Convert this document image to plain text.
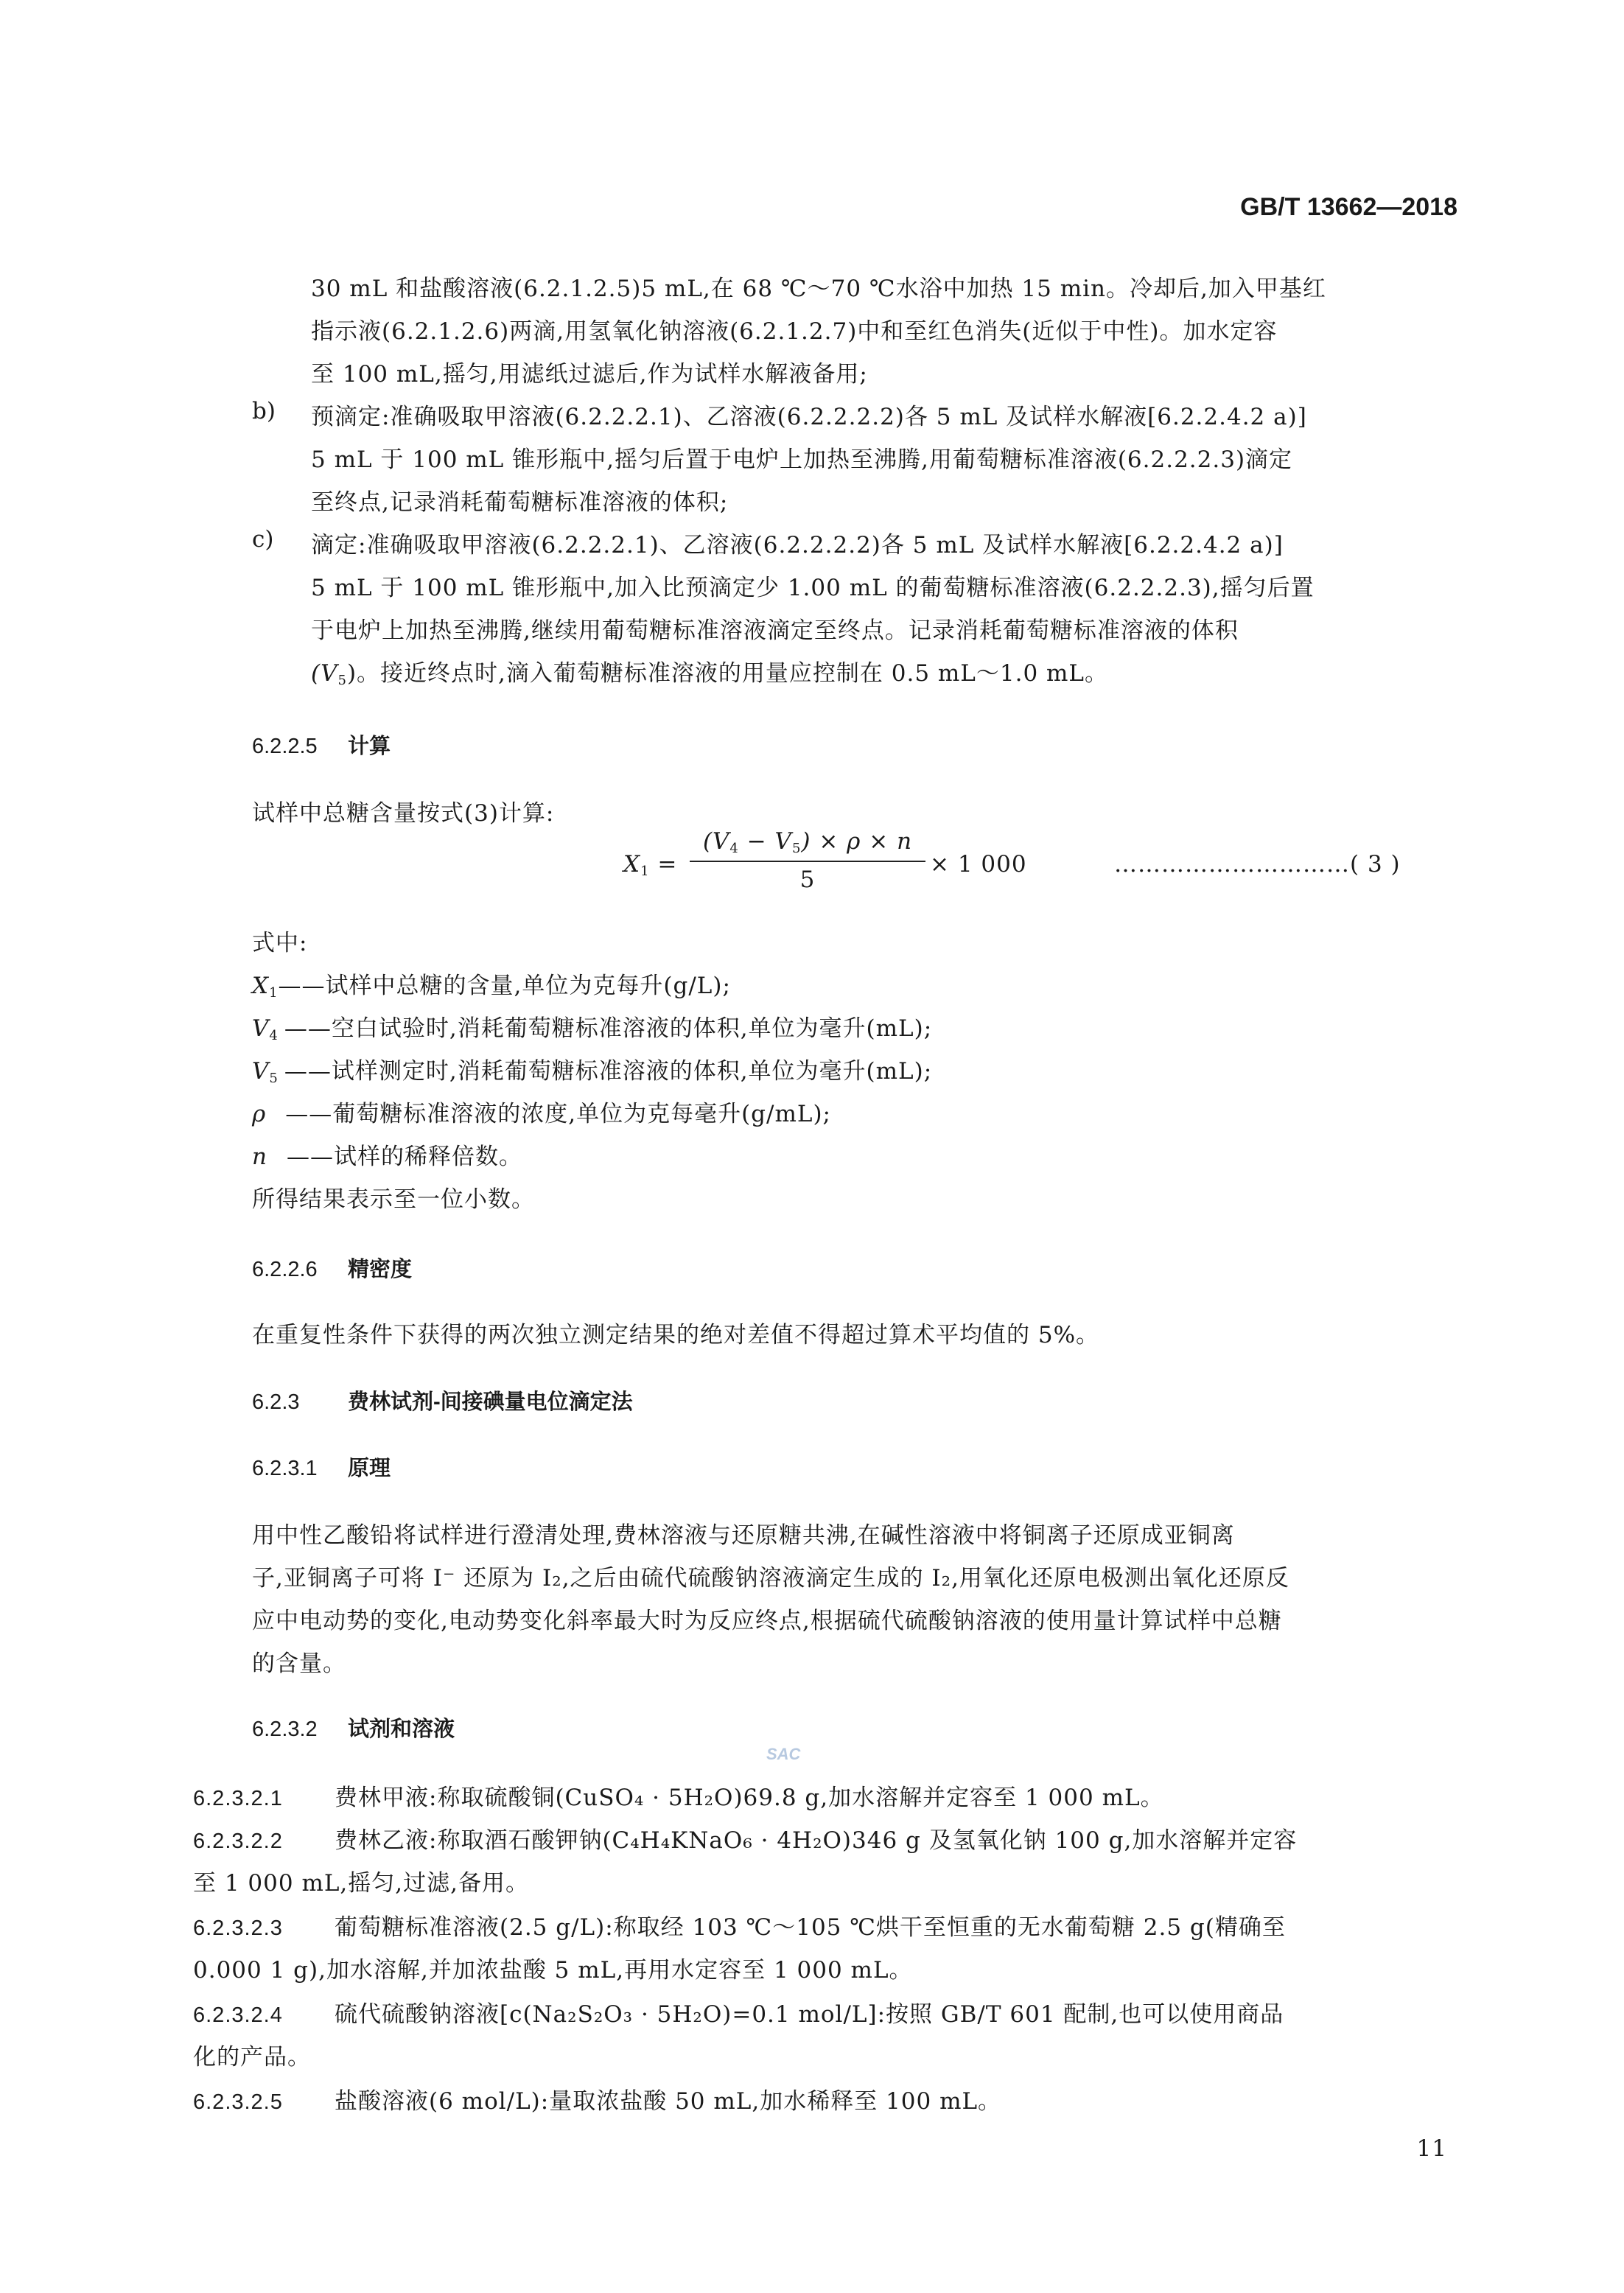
GB/T 13662—2018
30 mL 和盐酸溶液(6.2.1.2.5)5 mL,在 68 ℃～70 ℃水浴中加热 15 min。冷却后,加入甲基红
指示液(6.2.1.2.6)两滴,用氢氧化钠溶液(6.2.1.2.7)中和至红色消失(近似于中性)。加水定容
至 100 mL,摇匀,用滤纸过滤后,作为试样水解液备用;
b) 预滴定:准确吸取甲溶液(6.2.2.2.1)、乙溶液(6.2.2.2.2)各 5 mL 及试样水解液[6.2.2.4.2 a)]
5 mL 于 100 mL 锥形瓶中,摇匀后置于电炉上加热至沸腾,用葡萄糖标准溶液(6.2.2.2.3)滴定
至终点,记录消耗葡萄糖标准溶液的体积;
c) 滴定:准确吸取甲溶液(6.2.2.2.1)、乙溶液(6.2.2.2.2)各 5 mL 及试样水解液[6.2.2.4.2 a)]
5 mL 于 100 mL 锥形瓶中,加入比预滴定少 1.00 mL 的葡萄糖标准溶液(6.2.2.2.3),摇匀后置
于电炉上加热至沸腾,继续用葡萄糖标准溶液滴定至终点。记录消耗葡萄糖标准溶液的体积
$(V_5)$。接近终点时,滴入葡萄糖标准溶液的用量应控制在 0.5 mL～1.0 mL。
6.2.2.5 计算
试样中总糖含量按式(3)计算:
$X_1$ =
$(V_4 - V_5) \times \rho \times n$
5
× 1 000	…………………………( 3 )
式中:
$X_1——$试样中总糖的含量,单位为克每升(g/L);
$V_4$ ——空白试验时,消耗葡萄糖标准溶液的体积,单位为毫升(mL);
$V_5$ ——试样测定时,消耗葡萄糖标准溶液的体积,单位为毫升(mL);
ρ ——葡萄糖标准溶液的浓度,单位为克每毫升(g/mL);
n ——试样的稀释倍数。
所得结果表示至一位小数。
6.2.2.6 精密度
在重复性条件下获得的两次独立测定结果的绝对差值不得超过算术平均值的 5%。
6.2.3 费林试剂-间接碘量电位滴定法
6.2.3.1 原理
用中性乙酸铅将试样进行澄清处理,费林溶液与还原糖共沸,在碱性溶液中将铜离子还原成亚铜离
子,亚铜离子可将 I⁻ 还原为 I₂,之后由硫代硫酸钠溶液滴定生成的 I₂,用氧化还原电极测出氧化还原反
应中电动势的变化,电动势变化斜率最大时为反应终点,根据硫代硫酸钠溶液的使用量计算试样中总糖
的含量。
6.2.3.2 试剂和溶液
SAC
6.2.3.2.1 费林甲液:称取硫酸铜(CuSO₄ · 5H₂O)69.8 g,加水溶解并定容至 1 000 mL。
6.2.3.2.2 费林乙液:称取酒石酸钾钠(C₄H₄KNaO₆ · 4H₂O)346 g 及氢氧化钠 100 g,加水溶解并定容
至 1 000 mL,摇匀,过滤,备用。
6.2.3.2.3 葡萄糖标准溶液(2.5 g/L):称取经 103 ℃～105 ℃烘干至恒重的无水葡萄糖 2.5 g(精确至
0.000 1 g),加水溶解,并加浓盐酸 5 mL,再用水定容至 1 000 mL。
6.2.3.2.4 硫代硫酸钠溶液[c(Na₂S₂O₃ · 5H₂O)=0.1 mol/L]:按照 GB/T 601 配制,也可以使用商品
化的产品。
6.2.3.2.5 盐酸溶液(6 mol/L):量取浓盐酸 50 mL,加水稀释至 100 mL。
11
